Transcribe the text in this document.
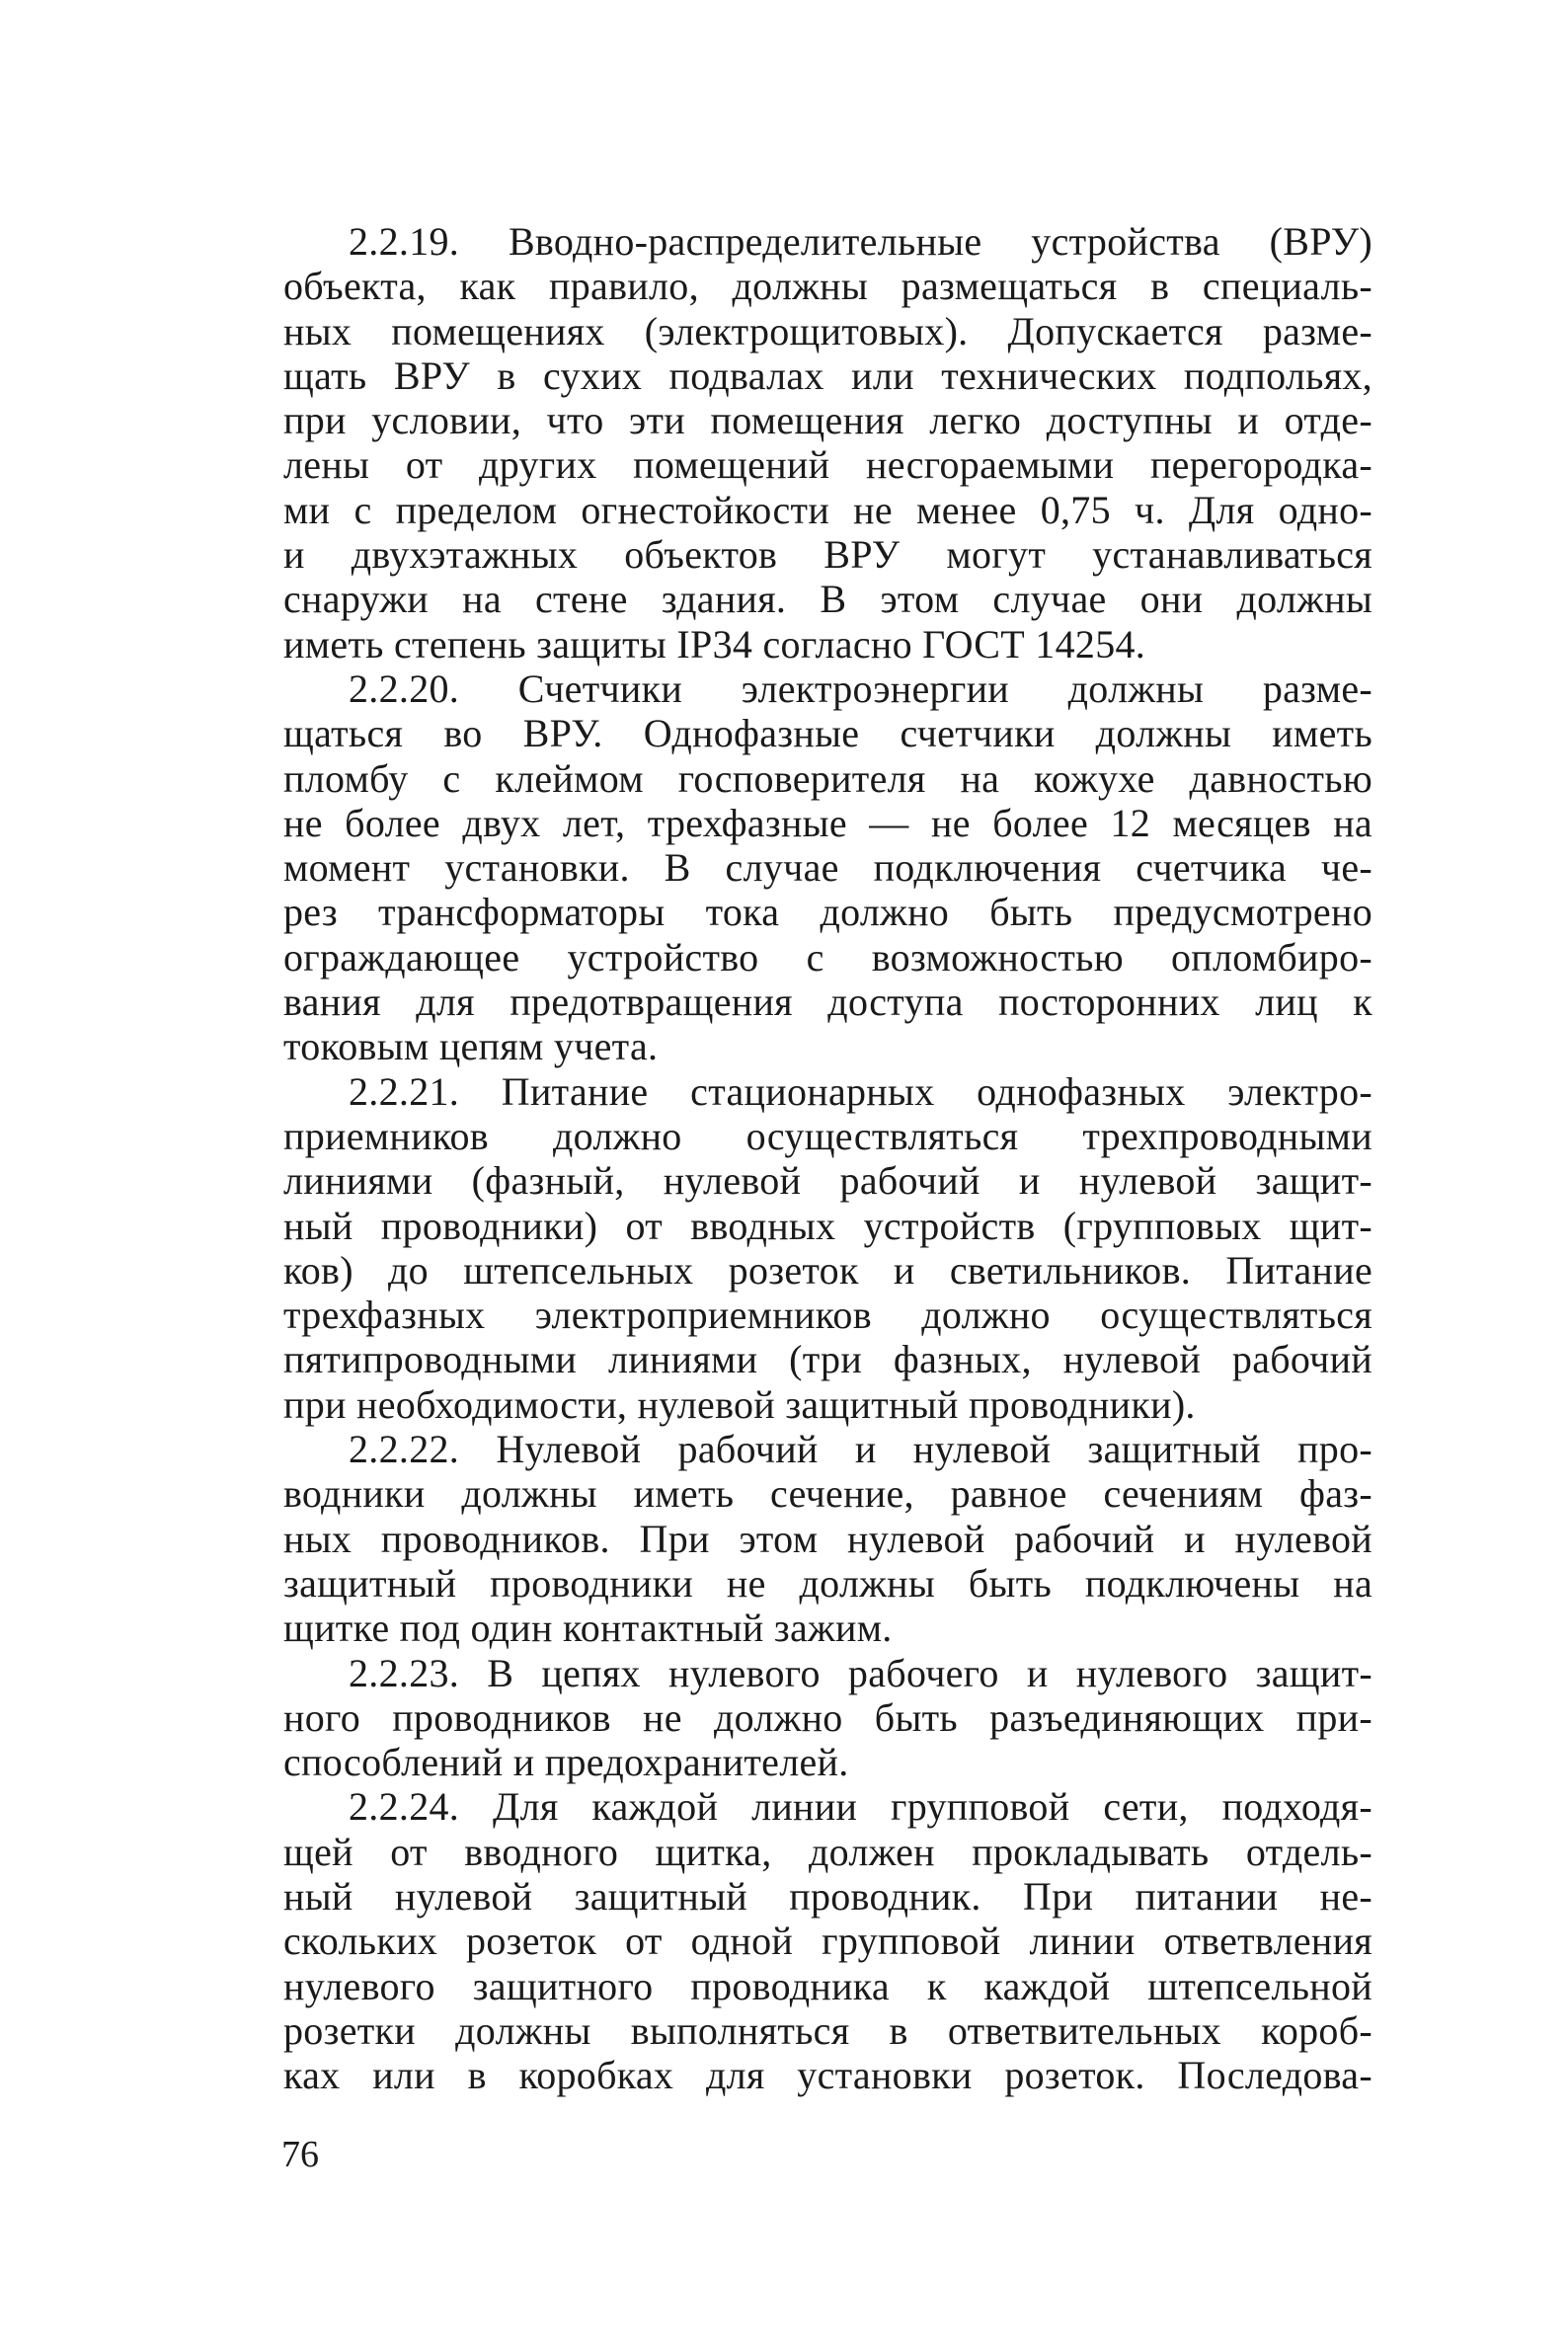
2.2.19. Вводно-распределительные устройства (ВРУ)
объекта, как правило, должны размещаться в специаль-
ных помещениях (электрощитовых). Допускается разме-
щать ВРУ в сухих подвалах или технических подпольях,
при условии, что эти помещения легко доступны и отде-
лены от других помещений несгораемыми перегородка-
ми с пределом огнестойкости не менее 0,75 ч. Для одно-
и двухэтажных объектов ВРУ могут устанавливаться
снаружи на стене здания. В этом случае они должны
иметь степень защиты IP34 согласно ГОСТ 14254.
2.2.20. Счетчики электроэнергии должны разме-
щаться во ВРУ. Однофазные счетчики должны иметь
пломбу с клеймом госповерителя на кожухе давностью
не более двух лет, трехфазные — не более 12 месяцев на
момент установки. В случае подключения счетчика че-
рез трансформаторы тока должно быть предусмотрено
ограждающее устройство с возможностью опломбиро-
вания для предотвращения доступа посторонних лиц к
токовым цепям учета.
2.2.21. Питание стационарных однофазных электро-
приемников должно осуществляться трехпроводными
линиями (фазный, нулевой рабочий и нулевой защит-
ный проводники) от вводных устройств (групповых щит-
ков) до штепсельных розеток и светильников. Питание
трехфазных электроприемников должно осуществляться
пятипроводными линиями (три фазных, нулевой рабочий
при необходимости, нулевой защитный проводники).
2.2.22. Нулевой рабочий и нулевой защитный про-
водники должны иметь сечение, равное сечениям фаз-
ных проводников. При этом нулевой рабочий и нулевой
защитный проводники не должны быть подключены на
щитке под один контактный зажим.
2.2.23. В цепях нулевого рабочего и нулевого защит-
ного проводников не должно быть разъединяющих при-
способлений и предохранителей.
2.2.24. Для каждой линии групповой сети, подходя-
щей от вводного щитка, должен прокладывать отдель-
ный нулевой защитный проводник. При питании не-
скольких розеток от одной групповой линии ответвления
нулевого защитного проводника к каждой штепсельной
розетки должны выполняться в ответвительных короб-
ках или в коробках для установки розеток. Последова-
76
